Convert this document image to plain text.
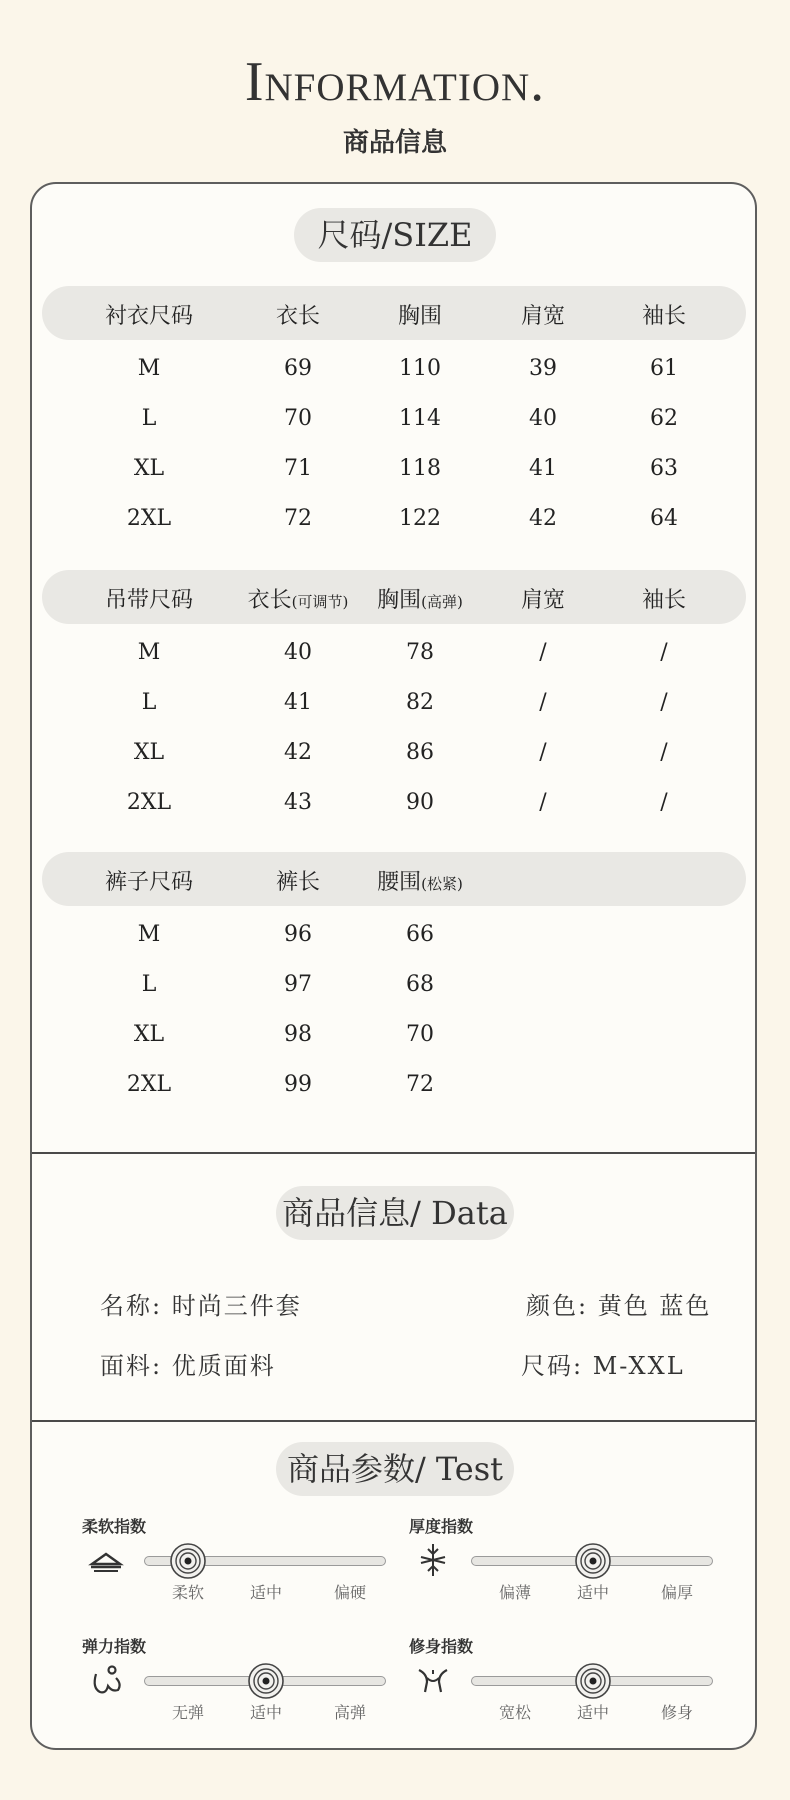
Information.
商品信息
尺码/SIZE
衬衣尺码	衣长	胸围	肩宽	袖长
M	69	110	39	61
L	70	114	40	62
XL	71	118	41	63
2XL	72	122	42	64
吊带尺码 衣长(可调节) 胸围(高弹)	肩宽	袖长
M	40	78	/	/
L	41	82	/	/
XL	42	86	/	/
2XL	43	90	/	/
裤子尺码	裤长	腰围(松紧)
M	96	66
L	97	68
XL	98	70
2XL	99	72
商品信息/ Data
名称: 时尚三件套	颜色: 黄色 蓝色
面料: 优质面料	尺码: M-XXL
商品参数/ Test
柔软指数
柔软	适中	偏硬
厚度指数
偏薄	适中	偏厚
弹力指数
无弹	适中	高弹
修身指数
宽松	适中	修身
